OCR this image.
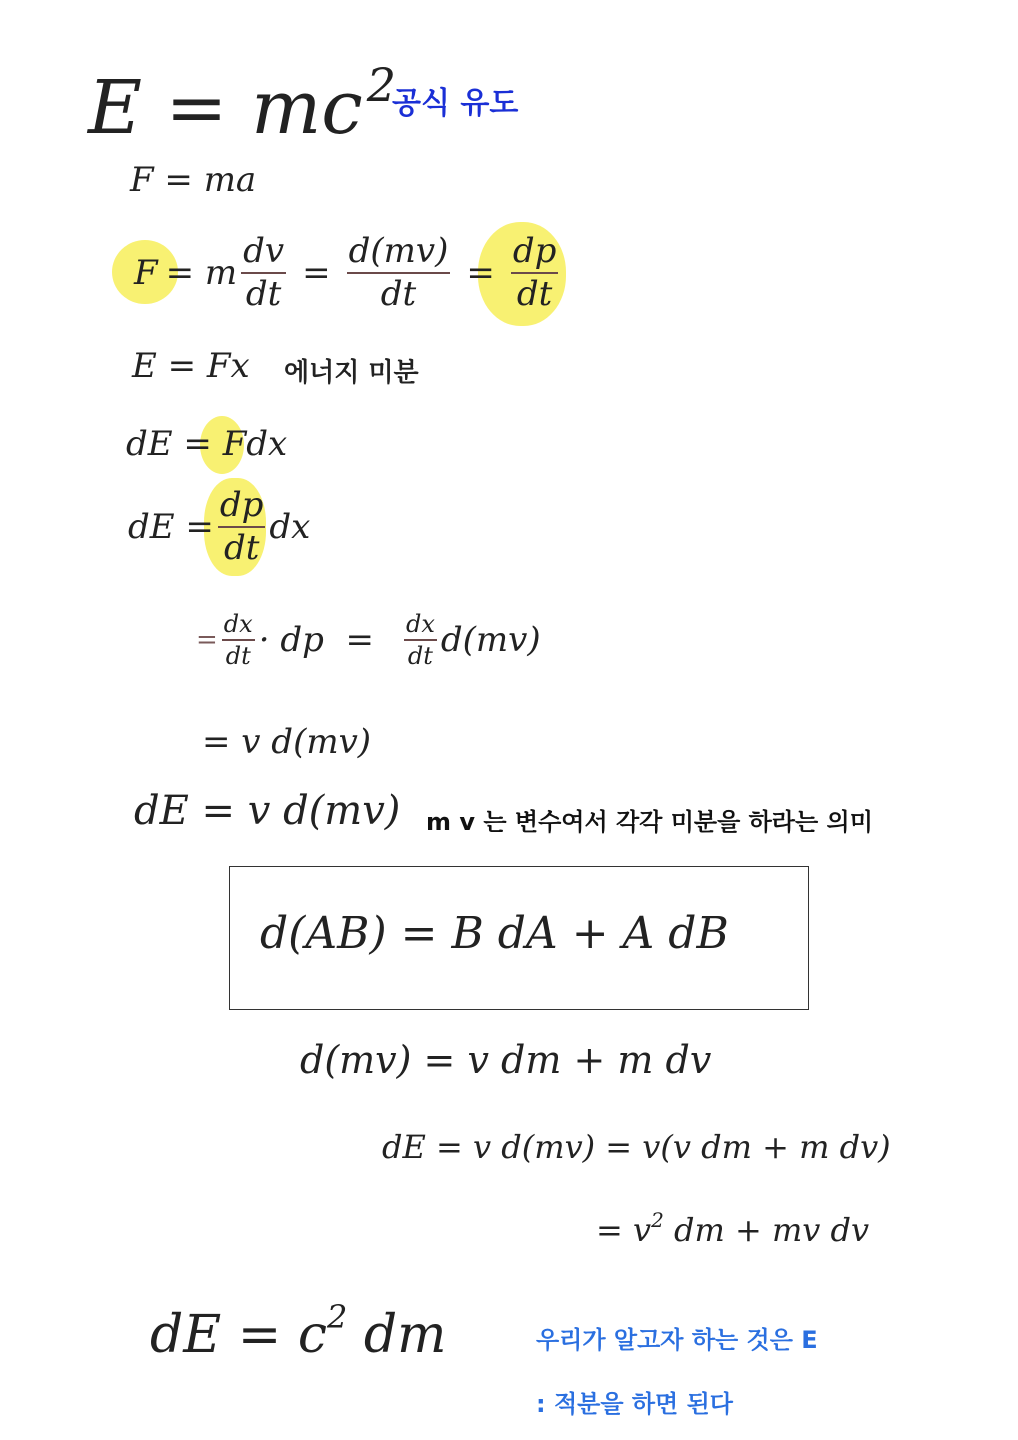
$E = mc^2$
공식 유도
F = ma
F = m $\frac{dv}{dt} = \frac{d(mv)}{dt} = \frac{dp}{dt}$
E = Fx 에너지 미분
dE = Fdx
dE = $\frac{dp}{dt}$ dx
= $\frac{dx}{dt}$ · dp  = $\frac{dx}{dt} d(mv)$
= v d(mv)
dE = v d(mv) m v 는 변수여서 각각 미분을 하라는 의미
d(AB) = B dA + A dB
d(mv) = v dm + m dv
dE = v d(mv) = v(v dm + m dv)
= $v^2$ dm + mv dv
dE = $c^2$ dm	우리가 알고자 하는 것은 E
: 적분을 하면 된다
